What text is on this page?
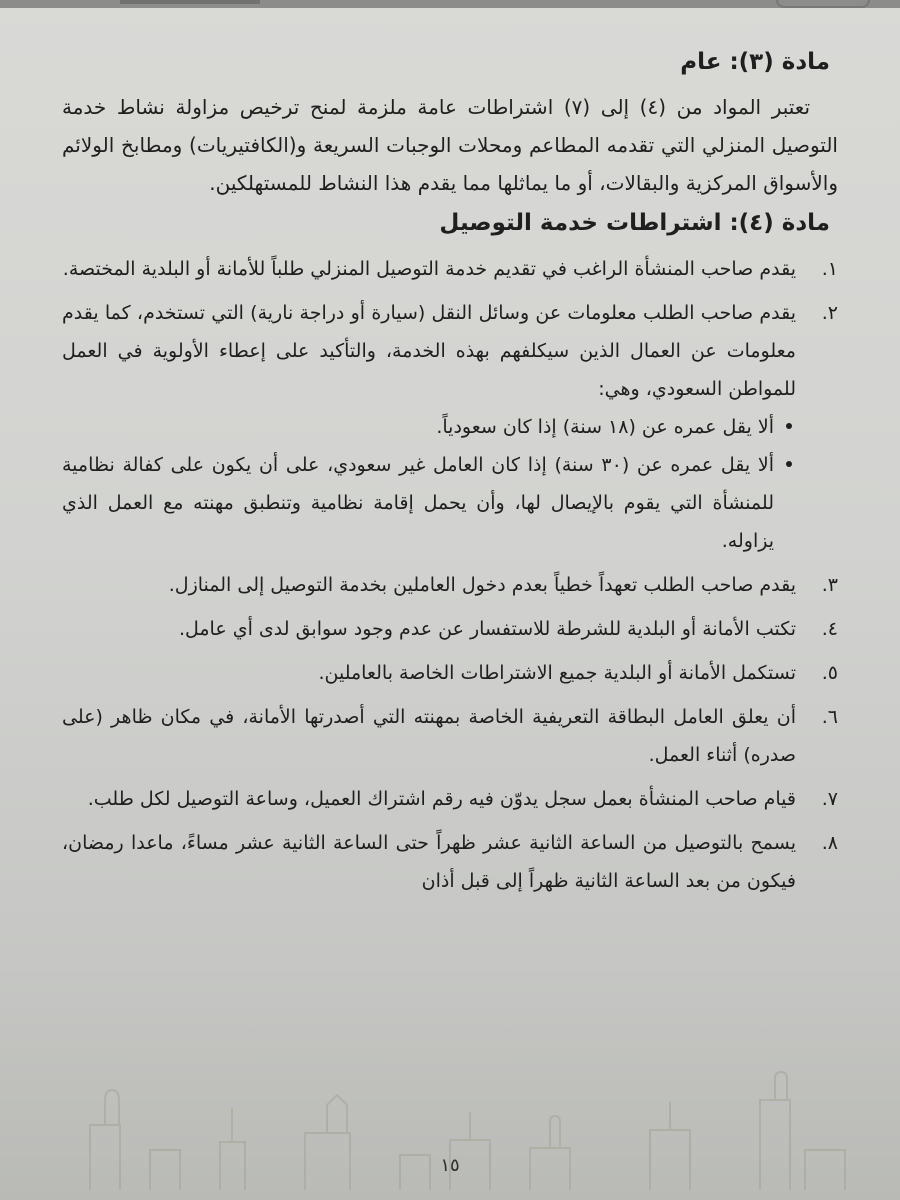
مادة (٣): عام

تعتبر المواد من (٤) إلى (٧) اشتراطات عامة ملزمة لمنح ترخيص مزاولة نشاط خدمة التوصيل المنزلي التي تقدمه المطاعم ومحلات الوجبات السريعة و(الكافتيريات) ومطابخ الولائم والأسواق المركزية والبقالات، أو ما يماثلها مما يقدم هذا النشاط للمستهلكين.

مادة (٤): اشتراطات خدمة التوصيل
١.
يقدم صاحب المنشأة الراغب في تقديم خدمة التوصيل المنزلي طلباً للأمانة أو البلدية المختصة.
٢.
يقدم صاحب الطلب معلومات عن وسائل النقل (سيارة أو دراجة نارية) التي تستخدم، كما يقدم معلومات عن العمال الذين سيكلفهم بهذه الخدمة، والتأكيد على إعطاء الأولوية في العمل للمواطن السعودي، وهي:
ألا يقل عمره عن (١٨ سنة) إذا كان سعودياً.
ألا يقل عمره عن (٣٠ سنة) إذا كان العامل غير سعودي، على أن يكون على كفالة نظامية للمنشأة التي يقوم بالإيصال لها، وأن يحمل إقامة نظامية وتنطبق مهنته مع العمل الذي يزاوله.
٣.
يقدم صاحب الطلب تعهداً خطياً بعدم دخول العاملين بخدمة التوصيل إلى المنازل.
٤.
تكتب الأمانة أو البلدية للشرطة للاستفسار عن عدم وجود سوابق لدى أي عامل.
٥.
تستكمل الأمانة أو البلدية جميع الاشتراطات الخاصة بالعاملين.
٦.
أن يعلق العامل البطاقة التعريفية الخاصة بمهنته التي أصدرتها الأمانة، في مكان ظاهر (على صدره) أثناء العمل.
٧.
قيام صاحب المنشأة بعمل سجل يدوّن فيه رقم اشتراك العميل، وساعة التوصيل لكل طلب.
٨.
يسمح بالتوصيل من الساعة الثانية عشر ظهراً حتى الساعة الثانية عشر مساءً، ماعدا رمضان، فيكون من بعد الساعة الثانية ظهراً إلى قبل أذان
١٥
